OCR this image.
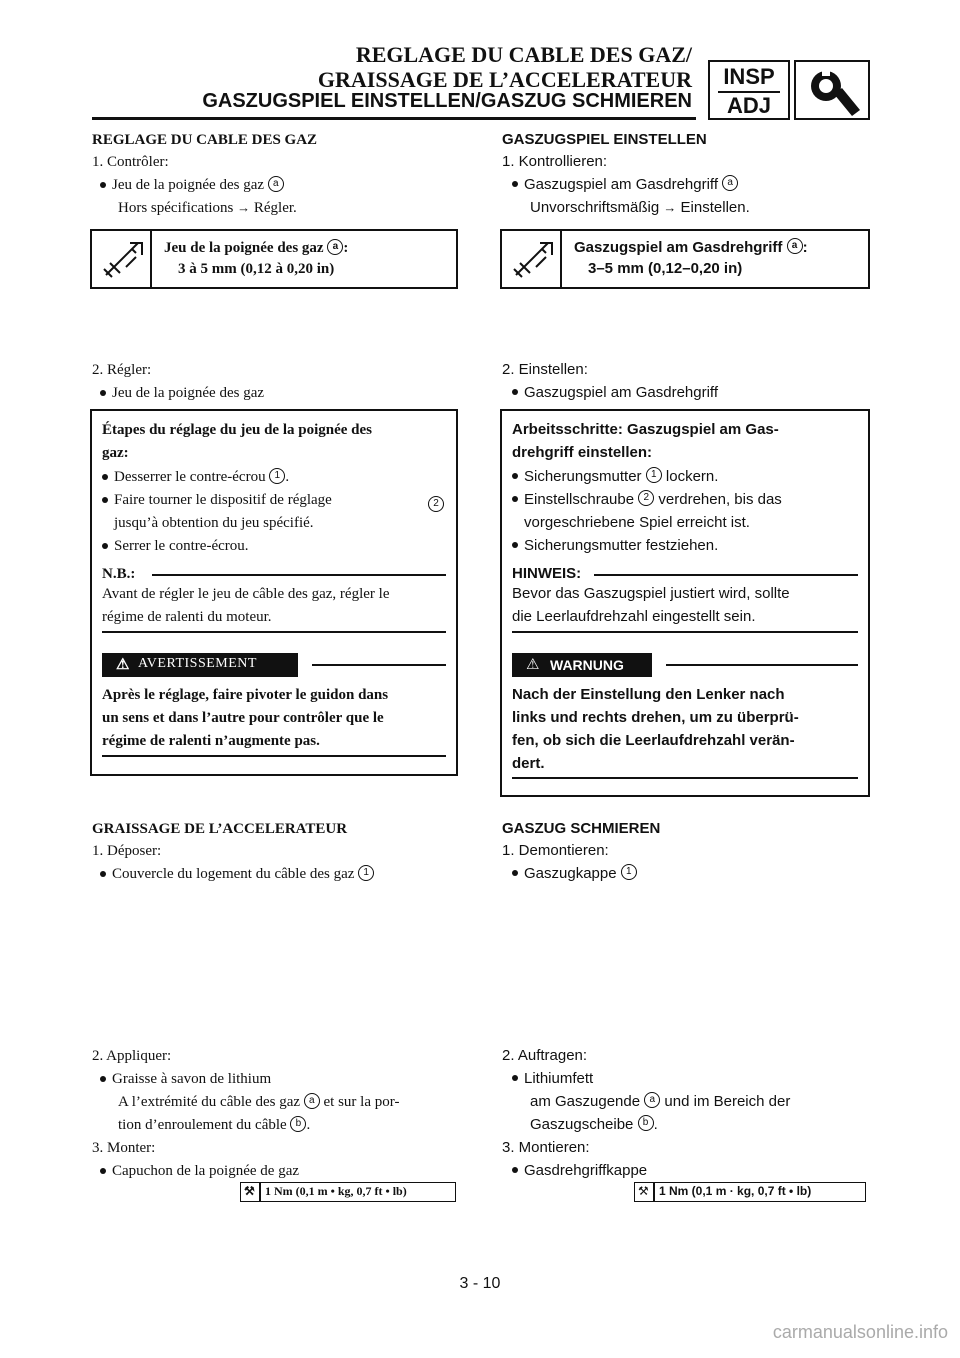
REGLAGE DU CABLE DES GAZ/
GRAISSAGE DE L’ACCELERATEUR
GASZUGSPIEL EINSTELLEN/GASZUG SCHMIEREN
INSP
ADJ
REGLAGE DU CABLE DES GAZ
1. Contrôler:
Jeu de la poignée des gaz a
Hors spécifications → Régler.
Jeu de la poignée des gaz a :
3 à 5 mm (0,12 à 0,20 in)
2. Régler:
Jeu de la poignée des gaz
Étapes du réglage du jeu de la poignée des
gaz:
Desserrer le contre-écrou 1 .
Faire tourner le dispositif de réglage	2
jusqu’à obtention du jeu spécifié.
Serrer le contre-écrou.
N.B.:
Avant de régler le jeu de câble des gaz, régler le
régime de ralenti du moteur.
⚠ AVERTISSEMENT
Après le réglage, faire pivoter le guidon dans
un sens et dans l’autre pour contrôler que le
régime de ralenti n’augmente pas.
GRAISSAGE DE L’ACCELERATEUR
1. Déposer:
Couvercle du logement du câble des gaz 1
2. Appliquer:
Graisse à savon de lithium
A l’extrémité du câble des gaz a et sur la por-
tion d’enroulement du câble b .
3. Monter:
Capuchon de la poignée de gaz
⚒ 1 Nm (0,1 m • kg, 0,7 ft • lb)
GASZUGSPIEL EINSTELLEN
1. Kontrollieren:
Gaszugspiel am Gasdrehgriff a
Unvorschriftsmäßig → Einstellen.
Gaszugspiel am Gasdrehgriff a :
3–5 mm (0,12–0,20 in)
2. Einstellen:
Gaszugspiel am Gasdrehgriff
Arbeitsschritte: Gaszugspiel am Gas-
drehgriff einstellen:
Sicherungsmutter 1 lockern.
Einstellschraube 2 verdrehen, bis das
vorgeschriebene Spiel erreicht ist.
Sicherungsmutter festziehen.
HINWEIS:
Bevor das Gaszugspiel justiert wird, sollte
die Leerlaufdrehzahl eingestellt sein.
⚠ WARNUNG
Nach der Einstellung den Lenker nach
links und rechts drehen, um zu überprü-
fen, ob sich die Leerlaufdrehzahl verän-
dert.
GASZUG SCHMIEREN
1. Demontieren:
Gaszugkappe 1
2. Auftragen:
Lithiumfett
am Gaszugende a und im Bereich der
Gaszugscheibe b .
3. Montieren:
Gasdrehgriffkappe
⚒ 1 Nm (0,1 m · kg, 0,7 ft • lb)
3 - 10
carmanualsonline.info
